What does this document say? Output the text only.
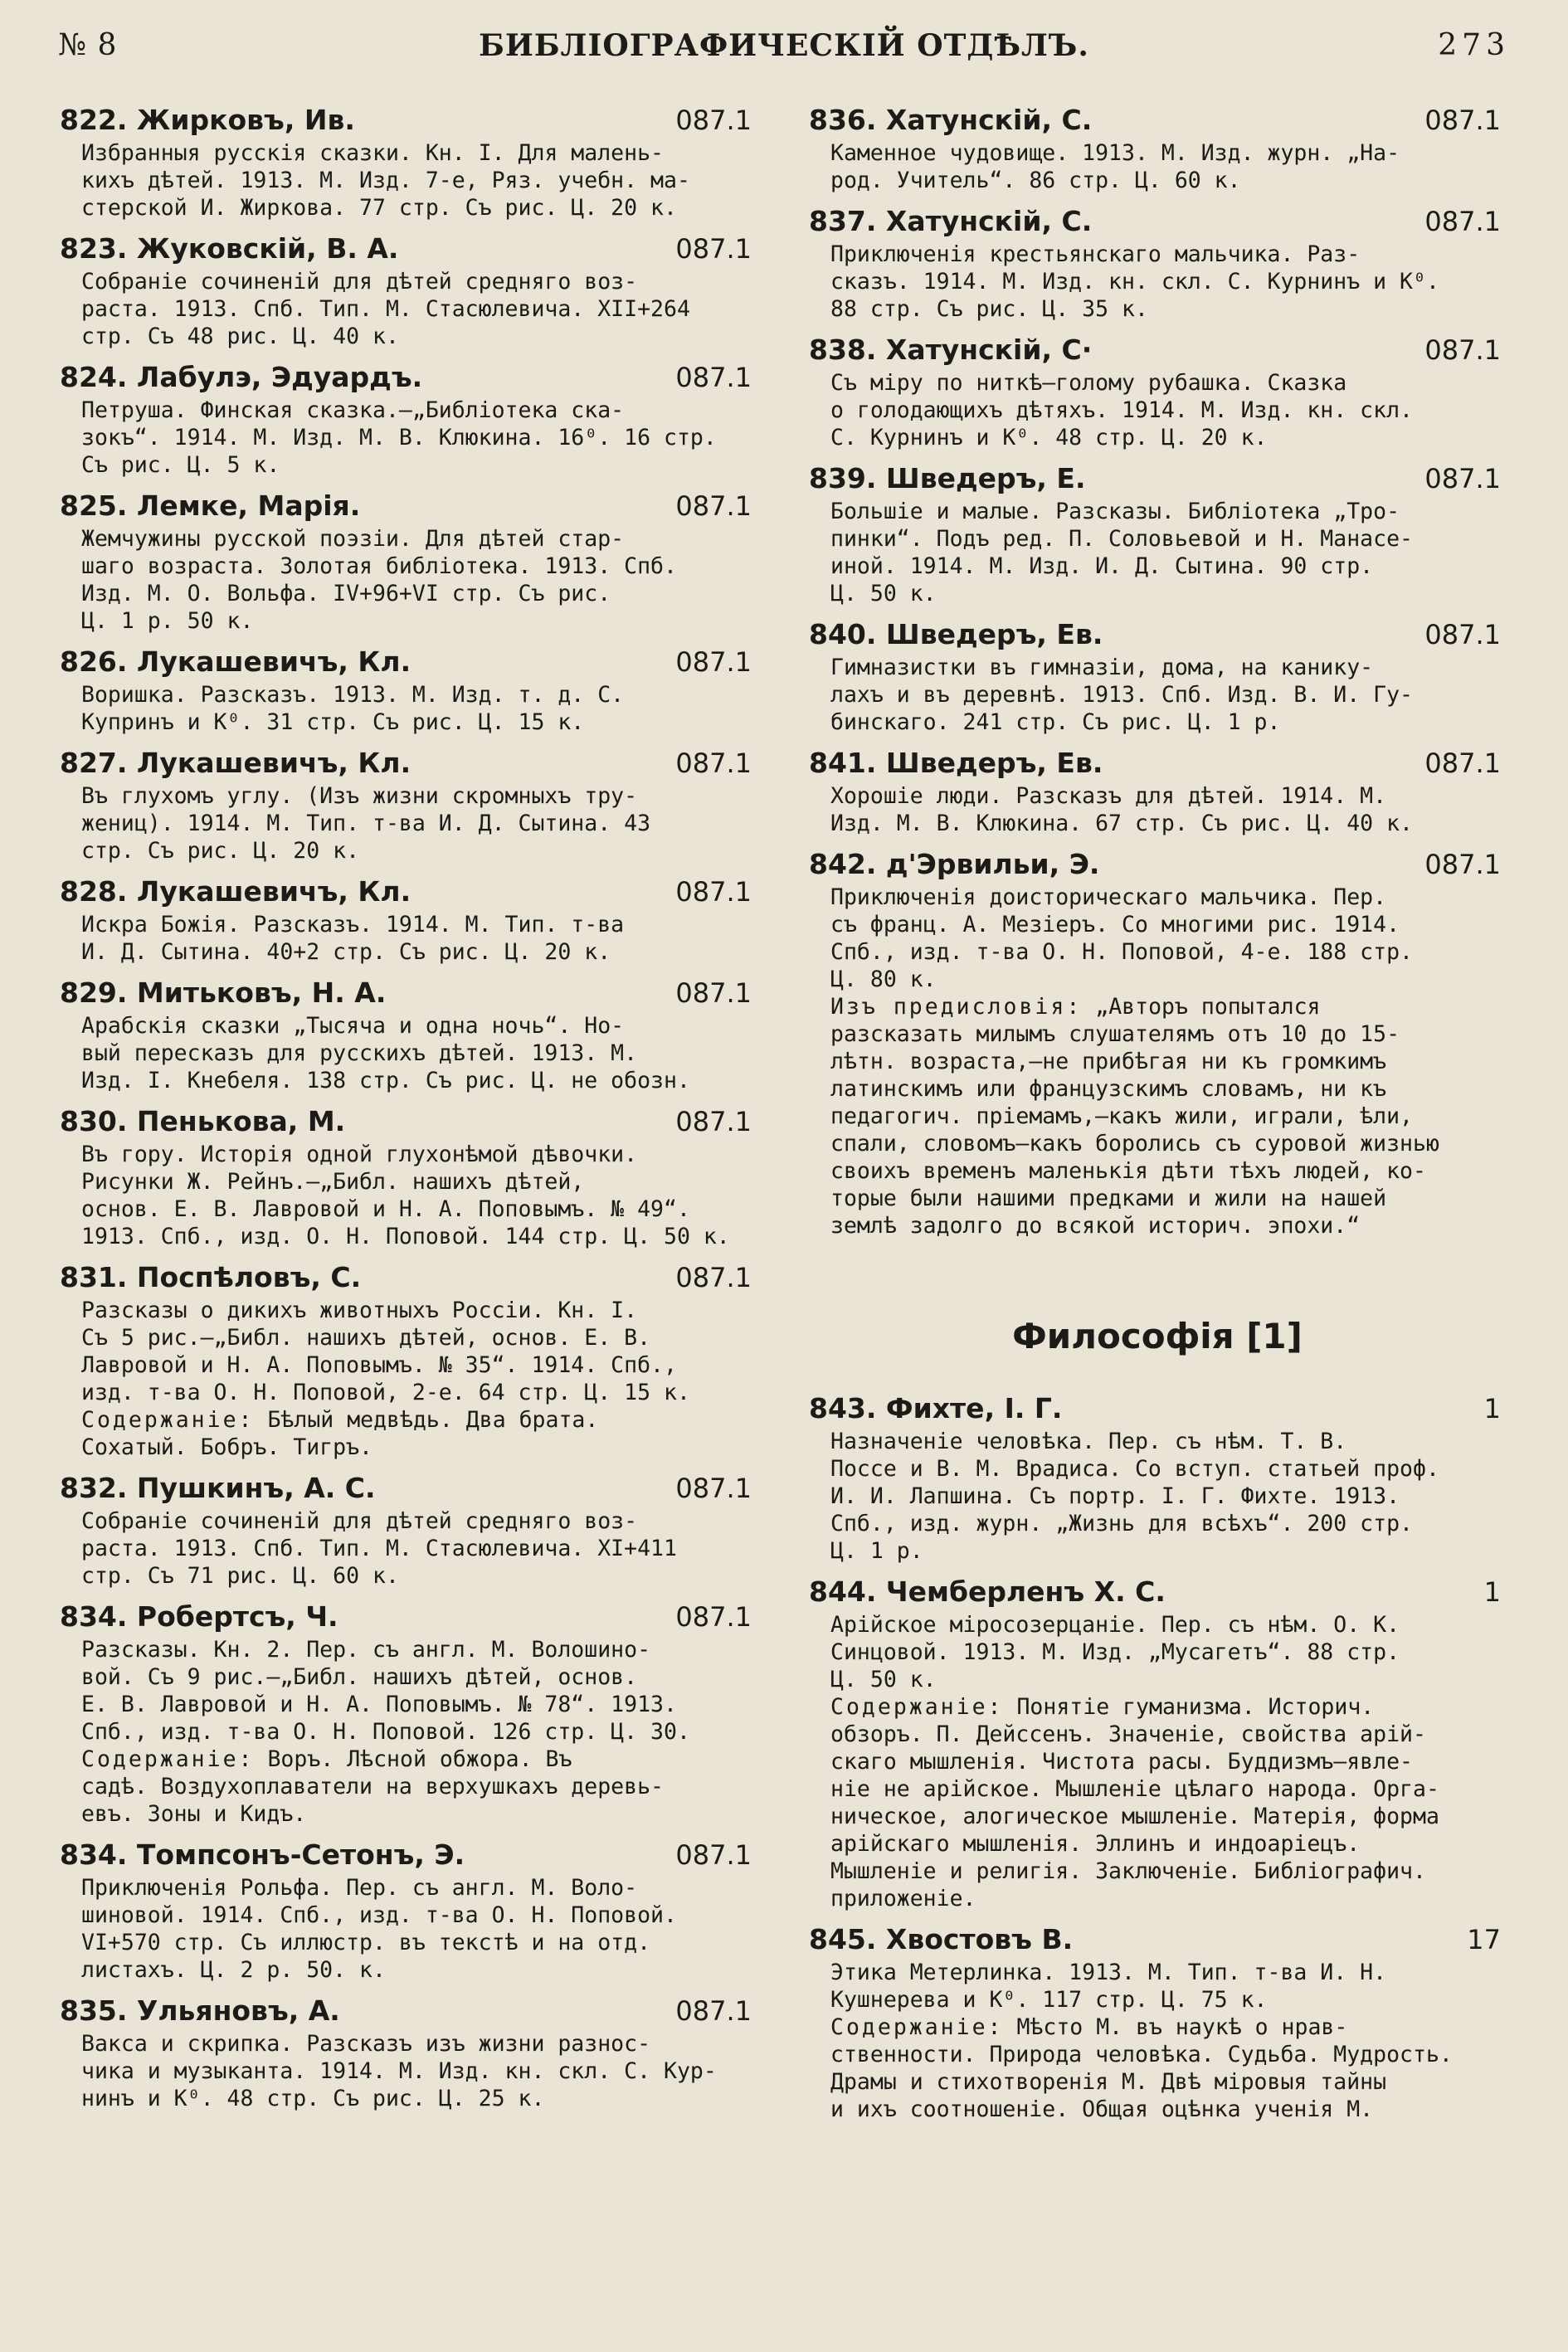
№ 8	БИБЛІОГРАФИЧЕСКІЙ ОТДѢЛЪ.	273
822. Жирковъ, Ив.	087.1
Избранныя русскія сказки. Кн. I. Для малень-
кихъ дѣтей. 1913. М. Изд. 7-е, Ряз. учебн. ма-
стерской И. Жиркова. 77 стр. Съ рис. Ц. 20 к.
823. Жуковскій, В. А.	087.1
Собраніе сочиненій для дѣтей средняго воз-
раста. 1913. Спб. Тип. М. Стасюлевича. XII+264
стр. Съ 48 рис. Ц. 40 к.
824. Лабулэ, Эдуардъ.	087.1
Петруша. Финская сказка.—„Библіотека ска-
зокъ“. 1914. М. Изд. М. В. Клюкина. 16⁰. 16 стр.
Съ рис. Ц. 5 к.
825. Лемке, Марія.	087.1
Жемчужины русской поэзіи. Для дѣтей стар-
шаго возраста. Золотая библіотека. 1913. Спб.
Изд. М. О. Вольфа. IV+96+VI стр. Съ рис.
Ц. 1 р. 50 к.
826. Лукашевичъ, Кл.	087.1
Воришка. Разсказъ. 1913. М. Изд. т. д. С.
Купринъ и К⁰. 31 стр. Съ рис. Ц. 15 к.
827. Лукашевичъ, Кл.	087.1
Въ глухомъ углу. (Изъ жизни скромныхъ тру-
жениц). 1914. М. Тип. т-ва И. Д. Сытина. 43
стр. Съ рис. Ц. 20 к.
828. Лукашевичъ, Кл.	087.1
Искра Божія. Разсказъ. 1914. М. Тип. т-ва
И. Д. Сытина. 40+2 стр. Съ рис. Ц. 20 к.
829. Митьковъ, Н. А.	087.1
Арабскія сказки „Тысяча и одна ночь“. Но-
вый пересказъ для русскихъ дѣтей. 1913. М.
Изд. I. Кнебеля. 138 стр. Съ рис. Ц. не обозн.
830. Пенькова, М.	087.1
Въ гору. Исторія одной глухонѣмой дѣвочки.
Рисунки Ж. Рейнъ.—„Библ. нашихъ дѣтей,
основ. Е. В. Лавровой и Н. А. Поповымъ. № 49“.
1913. Спб., изд. О. Н. Поповой. 144 стр. Ц. 50 к.
831. Поспѣловъ, С.	087.1
Разсказы о дикихъ животныхъ Россіи. Кн. I.
Съ 5 рис.—„Библ. нашихъ дѣтей, основ. Е. В.
Лавровой и Н. А. Поповымъ. № 35“. 1914. Спб.,
изд. т-ва О. Н. Поповой, 2-е. 64 стр. Ц. 15 к.
Содержаніе: Бѣлый медвѣдь. Два брата.
Сохатый. Бобръ. Тигръ.
832. Пушкинъ, А. С.	087.1
Собраніе сочиненій для дѣтей средняго воз-
раста. 1913. Спб. Тип. М. Стасюлевича. XI+411
стр. Съ 71 рис. Ц. 60 к.
834. Робертсъ, Ч.	087.1
Разсказы. Кн. 2. Пер. съ англ. М. Волошино-
вой. Съ 9 рис.—„Библ. нашихъ дѣтей, основ.
Е. В. Лавровой и Н. А. Поповымъ. № 78“. 1913.
Спб., изд. т-ва О. Н. Поповой. 126 стр. Ц. 30.
Содержаніе: Воръ. Лѣсной обжора. Въ
садѣ. Воздухоплаватели на верхушкахъ деревь-
евъ. Зоны и Кидъ.
834. Томпсонъ-Сетонъ, Э.	087.1
Приключенія Рольфа. Пер. съ англ. М. Воло-
шиновой. 1914. Спб., изд. т-ва О. Н. Поповой.
VI+570 стр. Съ иллюстр. въ текстѣ и на отд.
листахъ. Ц. 2 р. 50. к.
835. Ульяновъ, А.	087.1
Вакса и скрипка. Разсказъ изъ жизни разнос-
чика и музыканта. 1914. М. Изд. кн. скл. С. Кур-
нинъ и К⁰. 48 стр. Съ рис. Ц. 25 к.
836. Хатунскій, С.	087.1
Каменное чудовище. 1913. М. Изд. журн. „На-
род. Учитель“. 86 стр. Ц. 60 к.
837. Хатунскій, С.	087.1
Приключенія крестьянскаго мальчика. Раз-
сказъ. 1914. М. Изд. кн. скл. С. Курнинъ и К⁰.
88 стр. Съ рис. Ц. 35 к.
838. Хатунскій, С·	087.1
Съ міру по ниткѣ—голому рубашка. Сказка
о голодающихъ дѣтяхъ. 1914. М. Изд. кн. скл.
С. Курнинъ и К⁰. 48 стр. Ц. 20 к.
839. Шведеръ, Е.	087.1
Большіе и малые. Разсказы. Библіотека „Тро-
пинки“. Подъ ред. П. Соловьевой и Н. Манасе-
иной. 1914. М. Изд. И. Д. Сытина. 90 стр.
Ц. 50 к.
840. Шведеръ, Ев.	087.1
Гимназистки въ гимназіи, дома, на канику-
лахъ и въ деревнѣ. 1913. Спб. Изд. В. И. Гу-
бинскаго. 241 стр. Съ рис. Ц. 1 р.
841. Шведеръ, Ев.	087.1
Хорошіе люди. Разсказъ для дѣтей. 1914. М.
Изд. М. В. Клюкина. 67 стр. Съ рис. Ц. 40 к.
842. д'Эрвильи, Э.	087.1
Приключенія доисторическаго мальчика. Пер.
съ франц. А. Мезіеръ. Со многими рис. 1914.
Спб., изд. т-ва О. Н. Поповой, 4-е. 188 стр.
Ц. 80 к.
Изъ предисловія: „Авторъ попытался
разсказать милымъ слушателямъ отъ 10 до 15-
лѣтн. возраста,—не прибѣгая ни къ громкимъ
латинскимъ или французскимъ словамъ, ни къ
педагогич. пріемамъ,—какъ жили, играли, ѣли,
спали, словомъ—какъ боролись съ суровой жизнью
своихъ временъ маленькія дѣти тѣхъ людей, ко-
торые были нашими предками и жили на нашей
землѣ задолго до всякой историч. эпохи.“
Философія [1]
843. Фихте, I. Г.	1
Назначеніе человѣка. Пер. съ нѣм. Т. В.
Поссе и В. М. Врадиса. Со вступ. статьей проф.
И. И. Лапшина. Съ портр. I. Г. Фихте. 1913.
Спб., изд. журн. „Жизнь для всѣхъ“. 200 стр.
Ц. 1 р.
844. Чемберленъ Х. С.	1
Арійское міросозерцаніе. Пер. съ нѣм. О. К.
Синцовой. 1913. М. Изд. „Мусагетъ“. 88 стр.
Ц. 50 к.
Содержаніе: Понятіе гуманизма. Историч.
обзоръ. П. Дейссенъ. Значеніе, свойства арій-
скаго мышленія. Чистота расы. Буддизмъ—явле-
ніе не арійское. Мышленіе цѣлаго народа. Орга-
ническое, алогическое мышленіе. Матерія, форма
арійскаго мышленія. Эллинъ и индоаріецъ.
Мышленіе и религія. Заключеніе. Библіографич.
приложеніе.
845. Хвостовъ В.	17
Этика Метерлинка. 1913. М. Тип. т-ва И. Н.
Кушнерева и К⁰. 117 стр. Ц. 75 к.
Содержаніе: Мѣсто М. въ наукѣ о нрав-
ственности. Природа человѣка. Судьба. Мудрость.
Драмы и стихотворенія М. Двѣ міровыя тайны
и ихъ соотношеніе. Общая оцѣнка ученія М.
